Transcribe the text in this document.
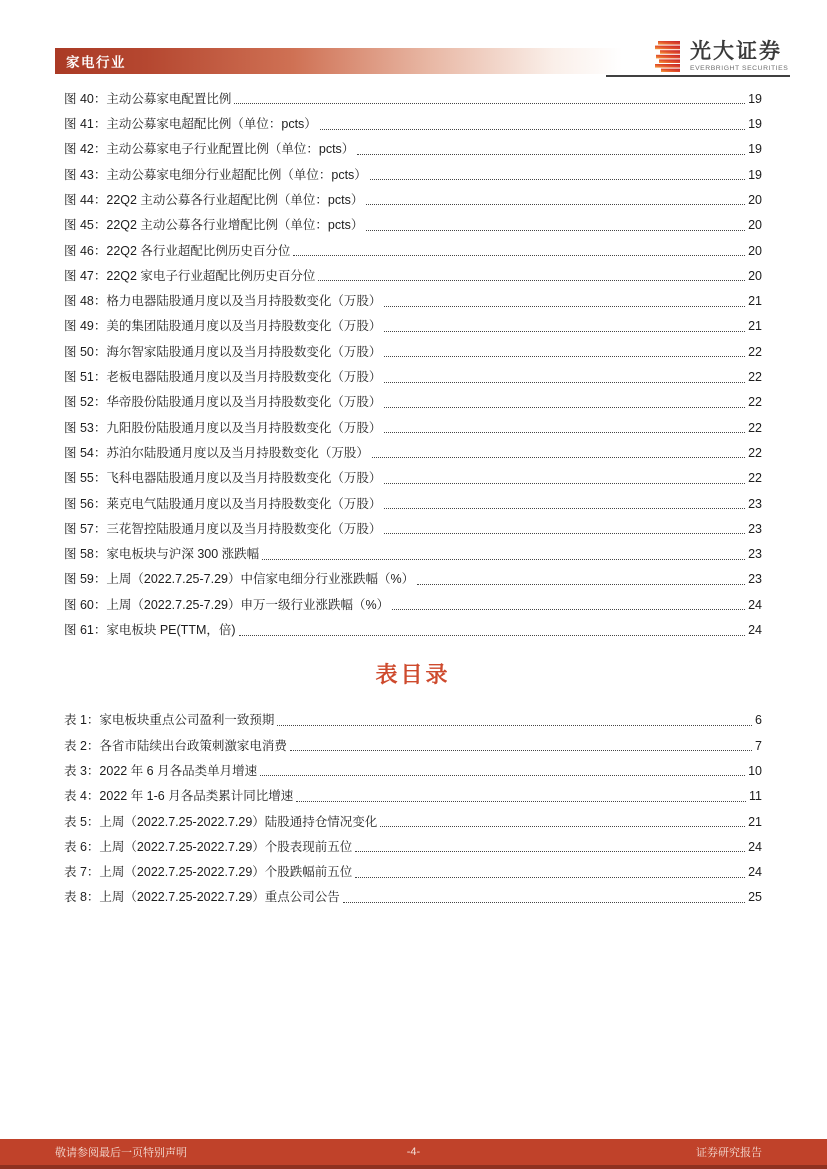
家电行业	光大证券
EVERBRIGHT SECURITIES
图 40：主动公募家电配置比例	19
图 41：主动公募家电超配比例（单位：pcts）	19
图 42：主动公募家电子行业配置比例（单位：pcts）	19
图 43：主动公募家电细分行业超配比例（单位：pcts）	19
图 44：22Q2 主动公募各行业超配比例（单位：pcts）	20
图 45：22Q2 主动公募各行业增配比例（单位：pcts）	20
图 46：22Q2 各行业超配比例历史百分位	20
图 47：22Q2 家电子行业超配比例历史百分位	20
图 48：格力电器陆股通月度以及当月持股数变化（万股）	21
图 49：美的集团陆股通月度以及当月持股数变化（万股）	21
图 50：海尔智家陆股通月度以及当月持股数变化（万股）	22
图 51：老板电器陆股通月度以及当月持股数变化（万股）	22
图 52：华帝股份陆股通月度以及当月持股数变化（万股）	22
图 53：九阳股份陆股通月度以及当月持股数变化（万股）	22
图 54：苏泊尔陆股通月度以及当月持股数变化（万股）	22
图 55：飞科电器陆股通月度以及当月持股数变化（万股）	22
图 56：莱克电气陆股通月度以及当月持股数变化（万股）	23
图 57：三花智控陆股通月度以及当月持股数变化（万股）	23
图 58：家电板块与沪深 300 涨跌幅	23
图 59：上周（2022.7.25-7.29）中信家电细分行业涨跌幅（%）	23
图 60：上周（2022.7.25-7.29）申万一级行业涨跌幅（%）	24
图 61：家电板块 PE(TTM，倍)	24
表目录
表 1：家电板块重点公司盈利一致预期	6
表 2：各省市陆续出台政策刺激家电消费	7
表 3：2022 年 6 月各品类单月增速	10
表 4：2022 年 1-6 月各品类累计同比增速	11
表 5：上周（2022.7.25-2022.7.29）陆股通持仓情况变化	21
表 6：上周（2022.7.25-2022.7.29）个股表现前五位	24
表 7：上周（2022.7.25-2022.7.29）个股跌幅前五位	24
表 8：上周（2022.7.25-2022.7.29）重点公司公告	25
敬请参阅最后一页特别声明	-4-	证券研究报告
